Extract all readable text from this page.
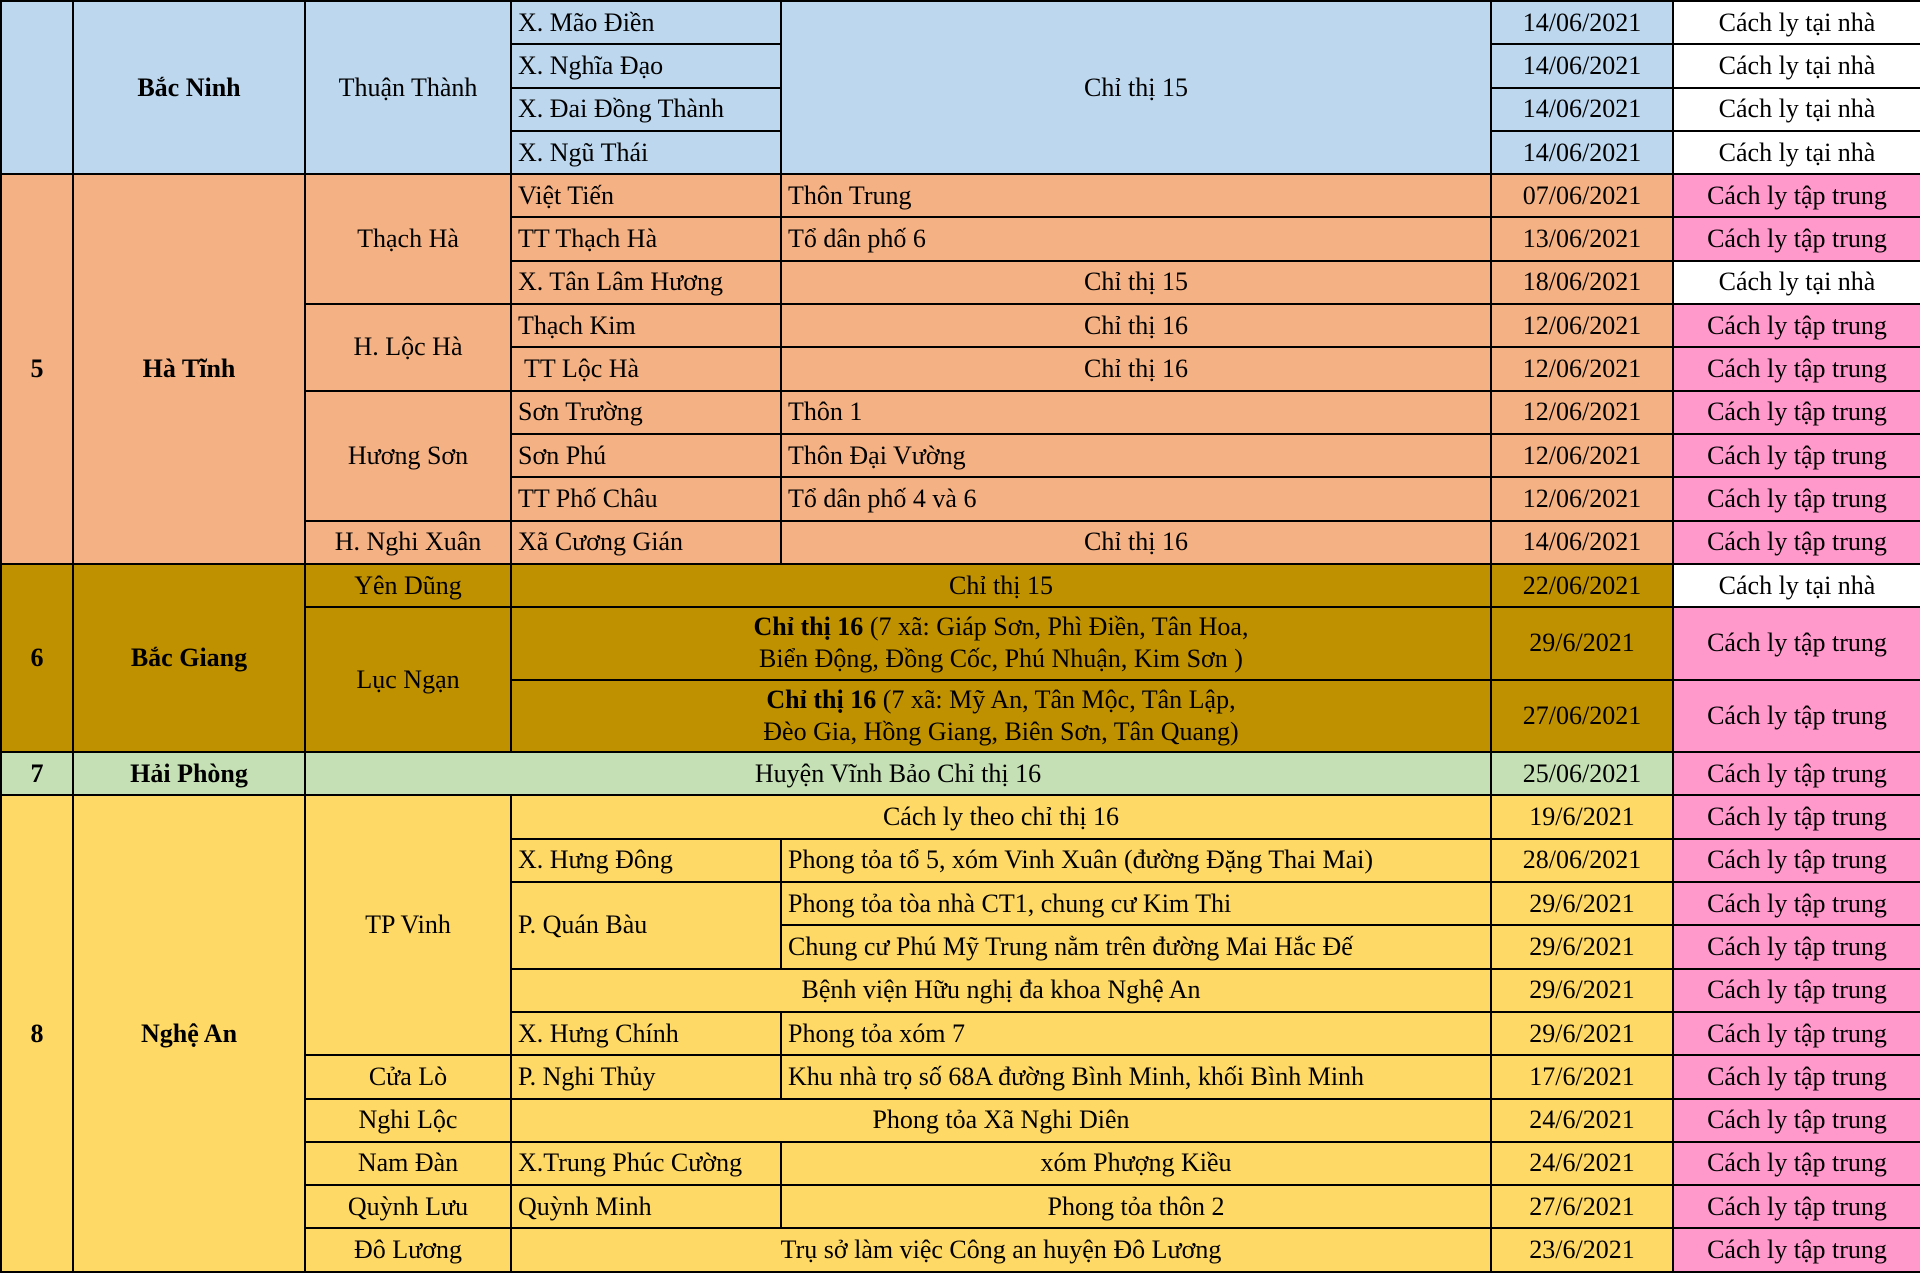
	Bắc Ninh	Thuận Thành	X. Mão Điền	Chỉ thị 15	14/06/2021	Cách ly tại nhà
			X. Nghĩa Đạo		14/06/2021	Cách ly tại nhà
			X. Đai Đồng Thành		14/06/2021	Cách ly tại nhà
			X. Ngũ Thái		14/06/2021	Cách ly tại nhà
5	Hà Tĩnh	Thạch Hà	Việt Tiến	Thôn Trung	07/06/2021	Cách ly tập trung
			TT Thạch Hà	Tổ dân phố 6	13/06/2021	Cách ly tập trung
			X. Tân Lâm Hương	Chỉ thị 15	18/06/2021	Cách ly tại nhà
		H. Lộc Hà	Thạch Kim	Chỉ thị 16	12/06/2021	Cách ly tập trung
			TT Lộc Hà	Chỉ thị 16	12/06/2021	Cách ly tập trung
		Hương Sơn	Sơn Trường	Thôn 1	12/06/2021	Cách ly tập trung
			Sơn Phú	Thôn Đại Vường	12/06/2021	Cách ly tập trung
			TT Phố Châu	Tổ dân phố 4 và 6	12/06/2021	Cách ly tập trung
		H. Nghi Xuân	Xã Cương Gián	Chỉ thị 16	14/06/2021	Cách ly tập trung
6	Bắc Giang	Yên Dũng	Chỉ thị 15		22/06/2021	Cách ly tại nhà
		Lục Ngạn	Chỉ thị 16 (7 xã: Giáp Sơn, Phì Điền, Tân Hoa,
Biển Động, Đồng Cốc, Phú Nhuận, Kim Sơn )		29/6/2021	Cách ly tập trung
			Chỉ thị 16 (7 xã: Mỹ An, Tân Mộc, Tân Lập,
Đèo Gia, Hồng Giang, Biên Sơn, Tân Quang)		27/06/2021	Cách ly tập trung
7	Hải Phòng	Huyện Vĩnh Bảo Chỉ thị 16			25/06/2021	Cách ly tập trung
8	Nghệ An	TP Vinh	Cách ly theo chỉ thị 16		19/6/2021	Cách ly tập trung
			X. Hưng Đông	Phong tỏa tổ 5, xóm Vinh Xuân (đường Đặng Thai Mai)	28/06/2021	Cách ly tập trung
			P. Quán Bàu	Phong tỏa tòa nhà CT1, chung cư Kim Thi	29/6/2021	Cách ly tập trung
				Chung cư Phú Mỹ Trung nằm trên đường Mai Hắc Đế	29/6/2021	Cách ly tập trung
			Bệnh viện Hữu nghị đa khoa Nghệ An		29/6/2021	Cách ly tập trung
			X. Hưng Chính	Phong tỏa xóm 7	29/6/2021	Cách ly tập trung
		Cửa Lò	P. Nghi Thủy	Khu nhà trọ số 68A đường Bình Minh, khối Bình Minh	17/6/2021	Cách ly tập trung
		Nghi Lộc	Phong tỏa Xã Nghi Diên		24/6/2021	Cách ly tập trung
		Nam Đàn	X.Trung Phúc Cường	xóm Phượng Kiều	24/6/2021	Cách ly tập trung
		Quỳnh Lưu	Quỳnh Minh	Phong tỏa thôn 2	27/6/2021	Cách ly tập trung
		Đô Lương	Trụ sở làm việc Công an huyện Đô Lương		23/6/2021	Cách ly tập trung
